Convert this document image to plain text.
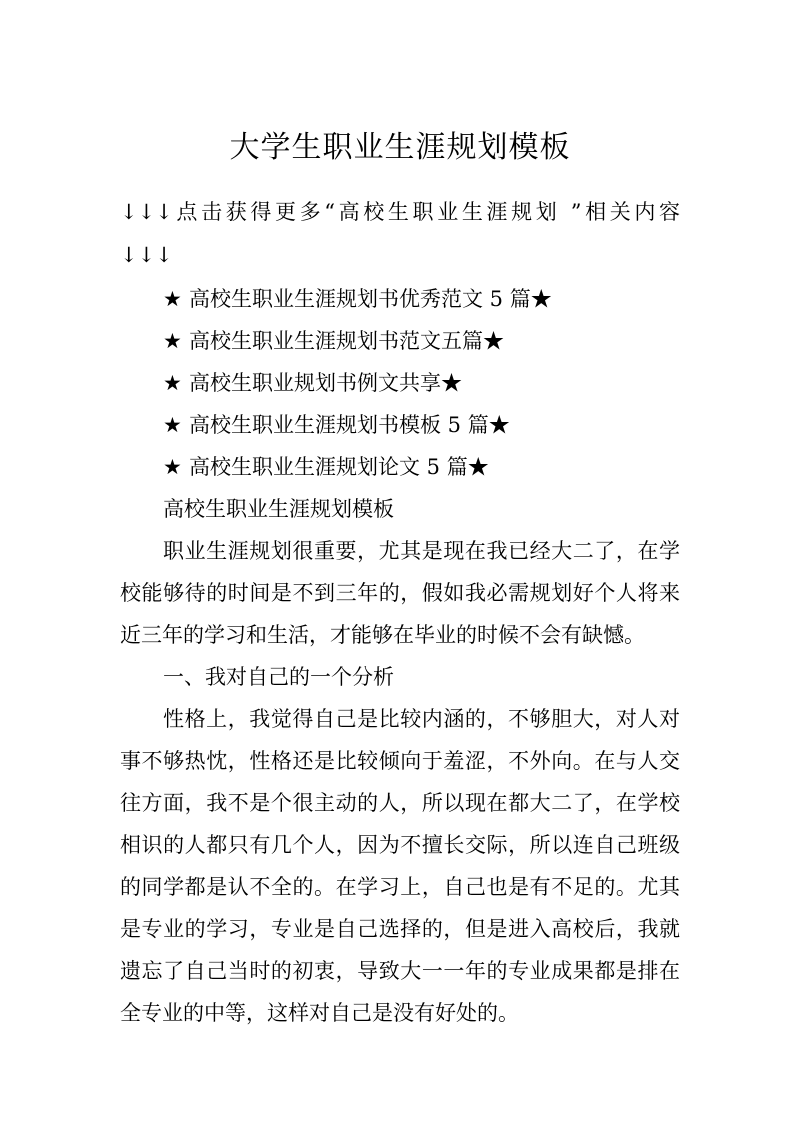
大学生职业生涯规划模板
↓↓↓点击获得更多“高校生职业生涯规划 ”相关内容
↓↓↓
★ 高校生职业生涯规划书优秀范文 5 篇★
★ 高校生职业生涯规划书范文五篇★
★ 高校生职业规划书例文共享★
★ 高校生职业生涯规划书模板 5 篇★
★ 高校生职业生涯规划论文 5 篇★
高校生职业生涯规划模板
职业生涯规划很重要，尤其是现在我已经大二了，在学
校能够待的时间是不到三年的，假如我必需规划好个人将来
近三年的学习和生活，才能够在毕业的时候不会有缺憾。
一、我对自己的一个分析
性格上，我觉得自己是比较内涵的，不够胆大，对人对
事不够热忱，性格还是比较倾向于羞涩，不外向。在与人交
往方面，我不是个很主动的人，所以现在都大二了，在学校
相识的人都只有几个人，因为不擅长交际，所以连自己班级
的同学都是认不全的。在学习上，自己也是有不足的。尤其
是专业的学习，专业是自己选择的，但是进入高校后，我就
遗忘了自己当时的初衷，导致大一一年的专业成果都是排在
全专业的中等，这样对自己是没有好处的。
